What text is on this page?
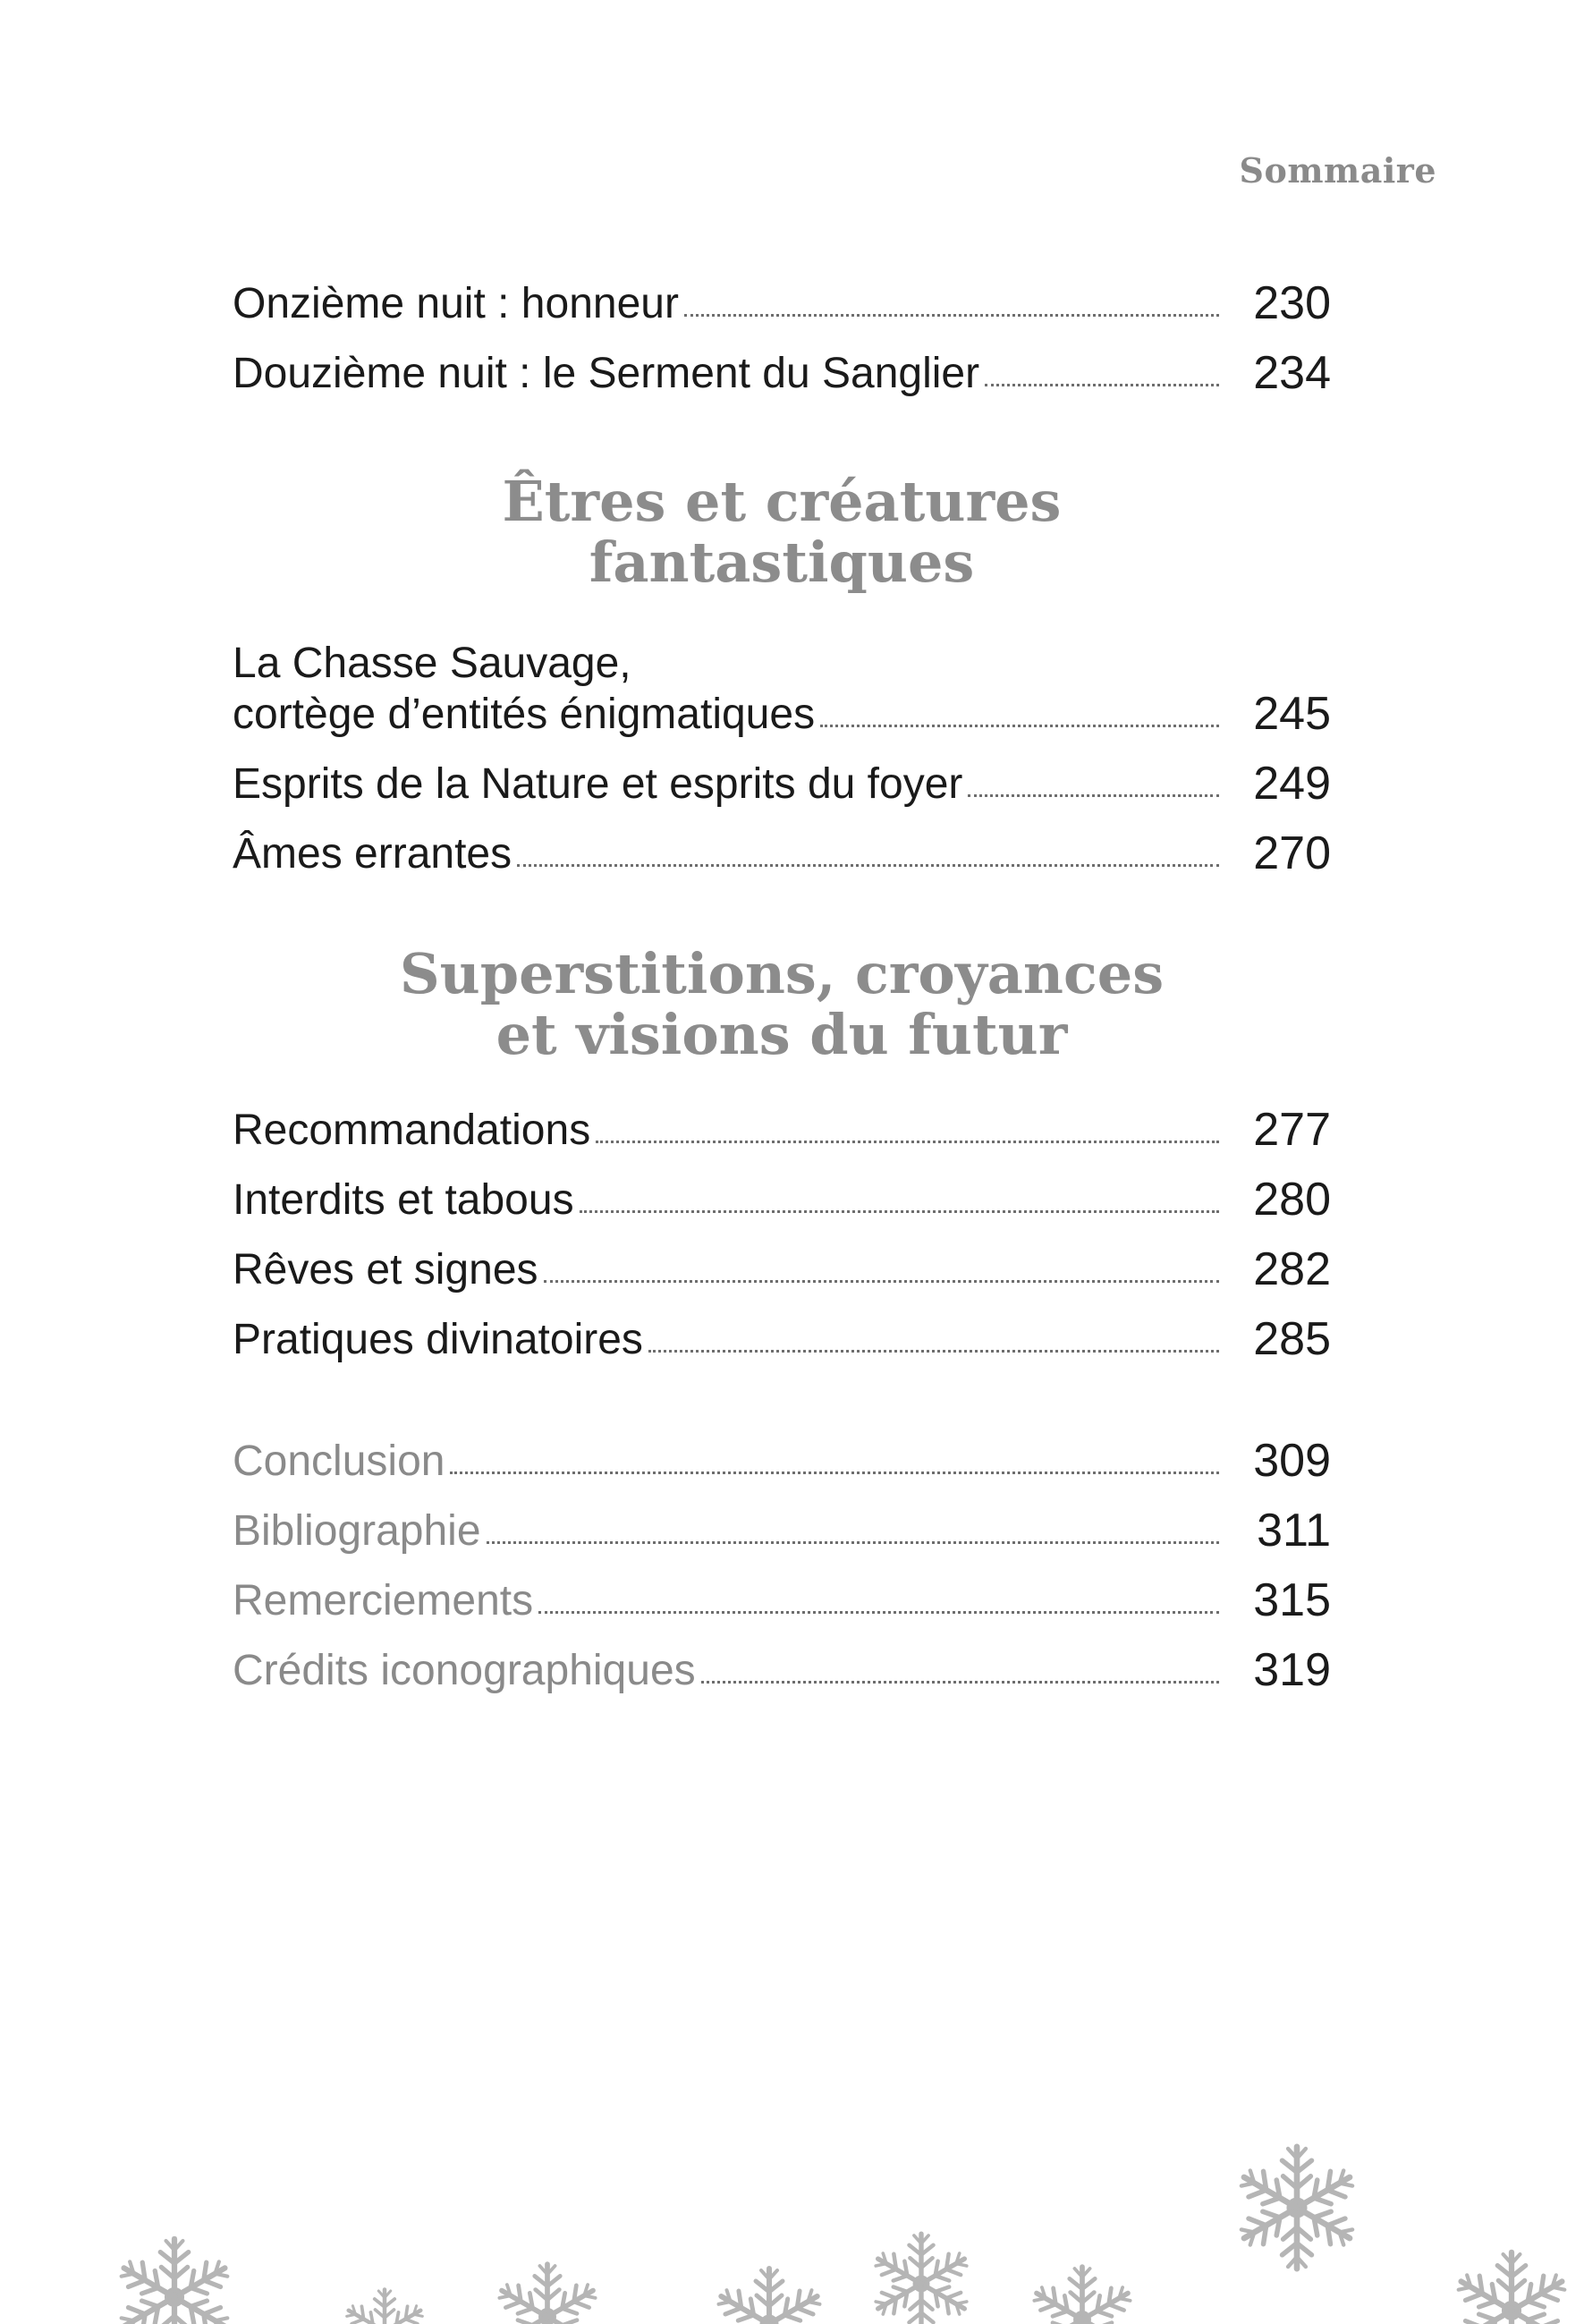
Sommaire
Onzième nuit : honneur	230
Douzième nuit : le Serment du Sanglier	234
Êtres et créatures
fantastiques
La Chasse Sauvage,
cortège d’entités énigmatiques	245
Esprits de la Nature et esprits du foyer	249
Âmes errantes	270
Superstitions, croyances
et visions du futur
Recommandations	277
Interdits et tabous	280
Rêves et signes	282
Pratiques divinatoires	285
Conclusion	309
Bibliographie	311
Remerciements	315
Crédits iconographiques	319
